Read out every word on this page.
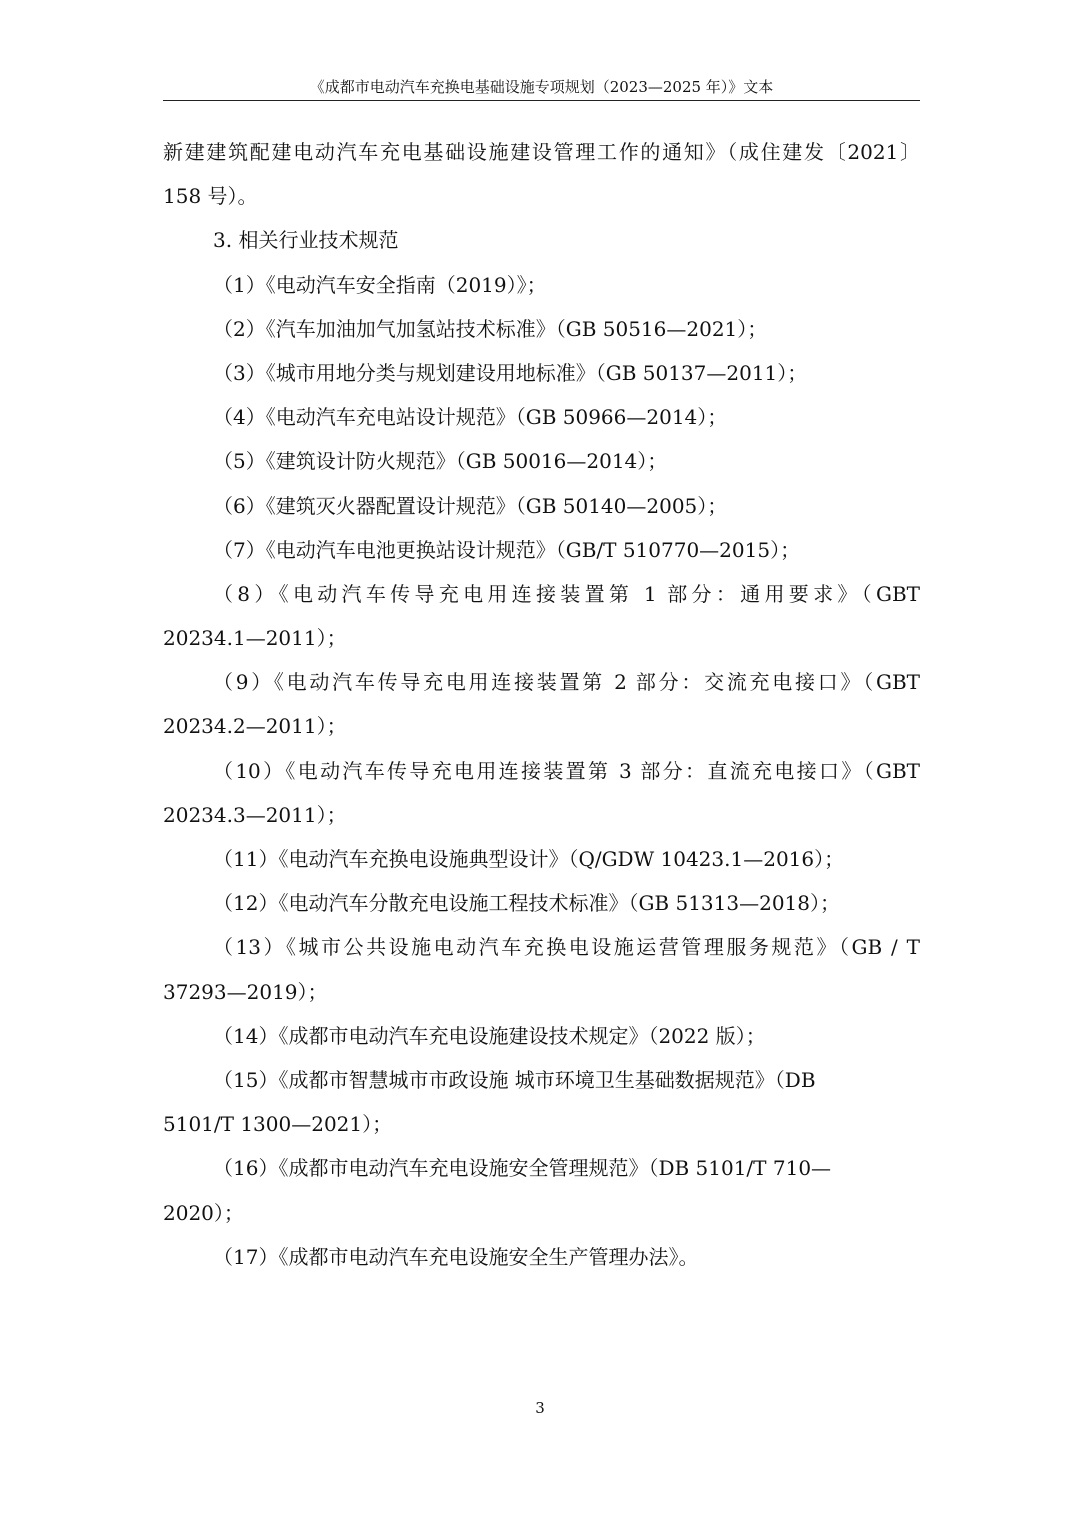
《成都市电动汽车充换电基础设施专项规划（2023—2025 年）》文本
新建建筑配建电动汽车充电基础设施建设管理工作的通知》（成住建发〔2021〕
158 号）。
3. 相关行业技术规范
（1）《电动汽车安全指南（2019）》；
（2）《汽车加油加气加氢站技术标准》（GB 50516—2021）；
（3）《城市用地分类与规划建设用地标准》（GB 50137—2011）；
（4）《电动汽车充电站设计规范》（GB 50966—2014）；
（5）《建筑设计防火规范》（GB 50016—2014）；
（6）《建筑灭火器配置设计规范》（GB 50140—2005）；
（7）《电动汽车电池更换站设计规范》（GB/T 510770—2015）；
（8）《电动汽车传导充电用连接装置第 1 部分：通用要求》（GBT
20234.1—2011）；
（9）《电动汽车传导充电用连接装置第 2 部分：交流充电接口》（GBT
20234.2—2011）；
（10）《电动汽车传导充电用连接装置第 3 部分：直流充电接口》（GBT
20234.3—2011）；
（11）《电动汽车充换电设施典型设计》（Q/GDW 10423.1—2016）；
（12）《电动汽车分散充电设施工程技术标准》（GB 51313—2018）；
（13）《城市公共设施电动汽车充换电设施运营管理服务规范》（GB / T
37293—2019）；
（14）《成都市电动汽车充电设施建设技术规定》（2022 版）；
（15）《成都市智慧城市市政设施 城市环境卫生基础数据规范》（DB
5101/T 1300—2021）；
（16）《成都市电动汽车充电设施安全管理规范》（DB 5101/T 710—
2020）；
（17）《成都市电动汽车充电设施安全生产管理办法》。
3
